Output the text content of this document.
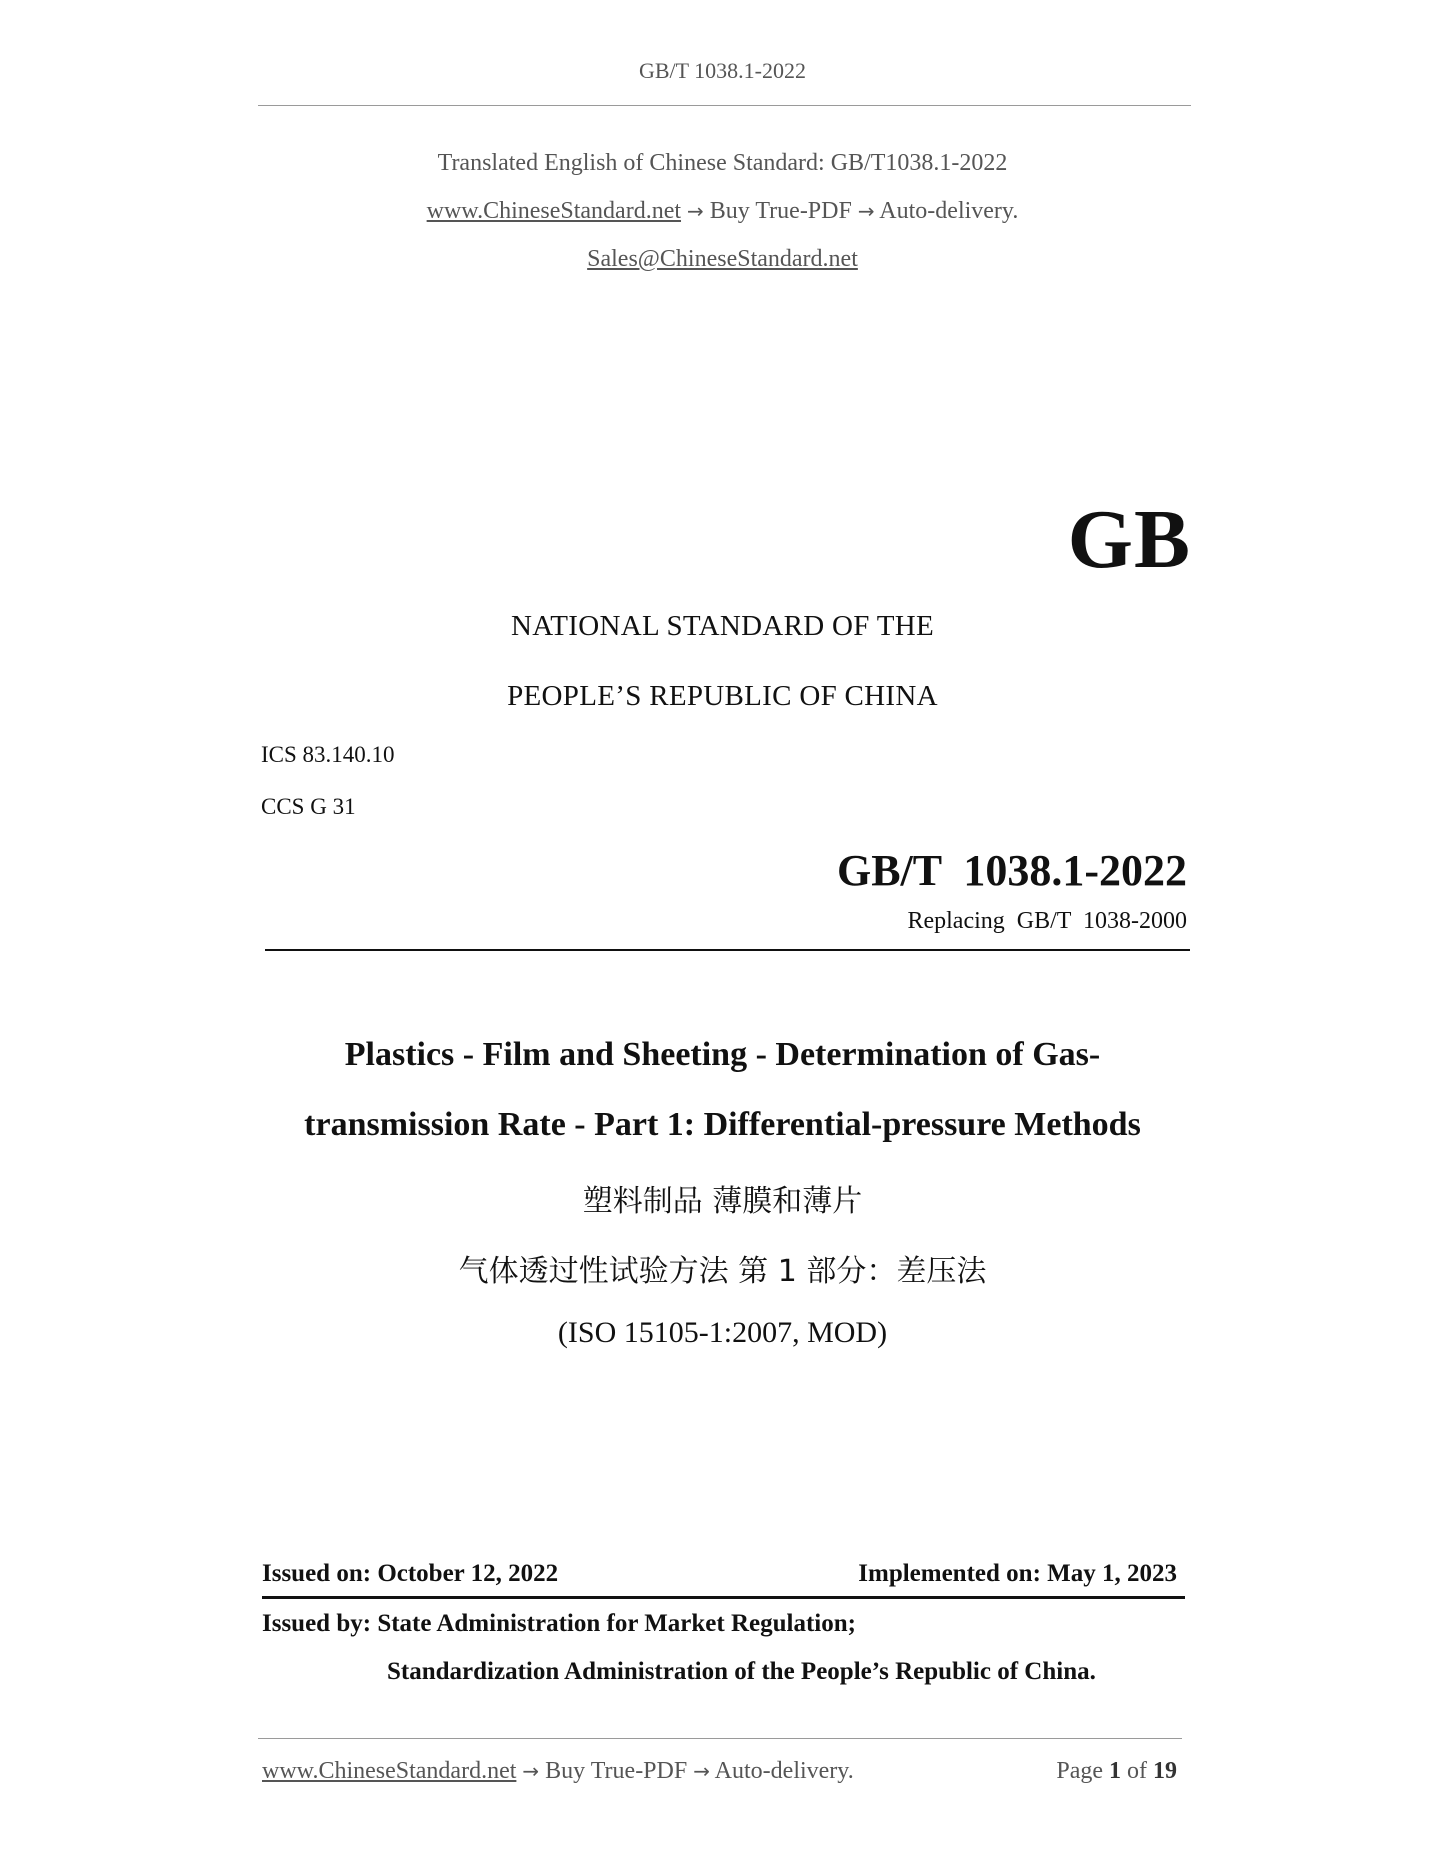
GB/T 1038.1-2022
Translated English of Chinese Standard: GB/T1038.1-2022
www.ChineseStandard.net → Buy True-PDF → Auto-delivery.
Sales@ChineseStandard.net
GB
NATIONAL STANDARD OF THE
PEOPLE’S REPUBLIC OF CHINA
ICS 83.140.10
CCS G 31
GB/T  1038.1-2022
Replacing  GB/T  1038-2000
Plastics - Film and Sheeting - Determination of Gas-
transmission Rate - Part 1: Differential-pressure Methods
塑料制品 薄膜和薄片
气体透过性试验方法 第 1 部分：差压法
(ISO 15105-1:2007, MOD)
Issued on: October 12, 2022	Implemented on: May 1, 2023
Issued by: State Administration for Market Regulation;
Standardization Administration of the People’s Republic of China.
www.ChineseStandard.net → Buy True-PDF → Auto-delivery.	Page 1 of 19
